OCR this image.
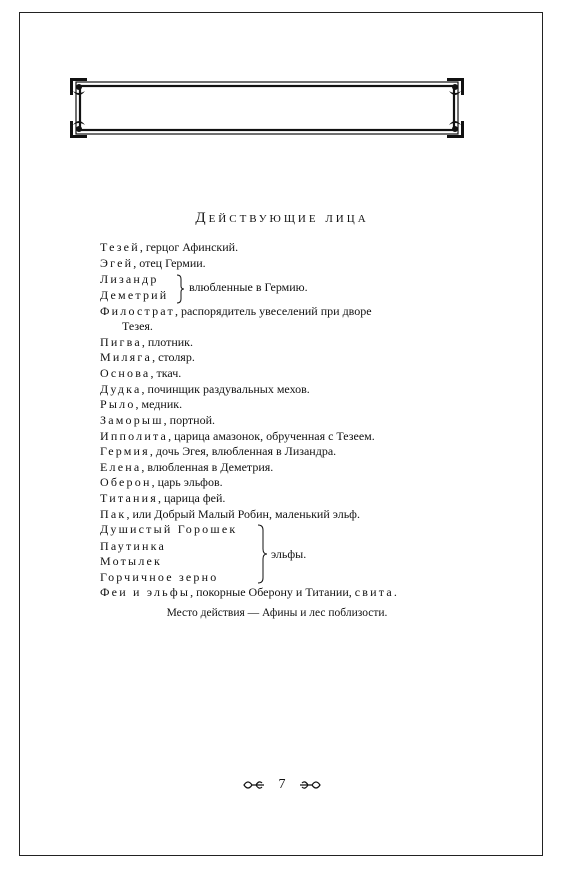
Действующие лица
Тезей, герцог Афинский.
Эгей, отец Гермии.
Лизандр
Деметрий
влюбленные в Гермию.
Филострат, распорядитель увеселений при дворе
Тезея.
Пигва, плотник.
Миляга, столяр.
Основа, ткач.
Дудка, починщик раздувальных мехов.
Рыло, медник.
Заморыш, портной.
Ипполита, царица амазонок, обрученная с Тезеем.
Гермия, дочь Эгея, влюбленная в Лизандра.
Елена, влюбленная в Деметрия.
Оберон, царь эльфов.
Титания, царица фей.
Пак, или Добрый Малый Робин, маленький эльф.
Душистый Горошек
Паутинка
Мотылек
Горчичное зерно
эльфы.
Феи и эльфы, покорные Оберону и Титании, свита.
Место действия — Афины и лес поблизости.
7
